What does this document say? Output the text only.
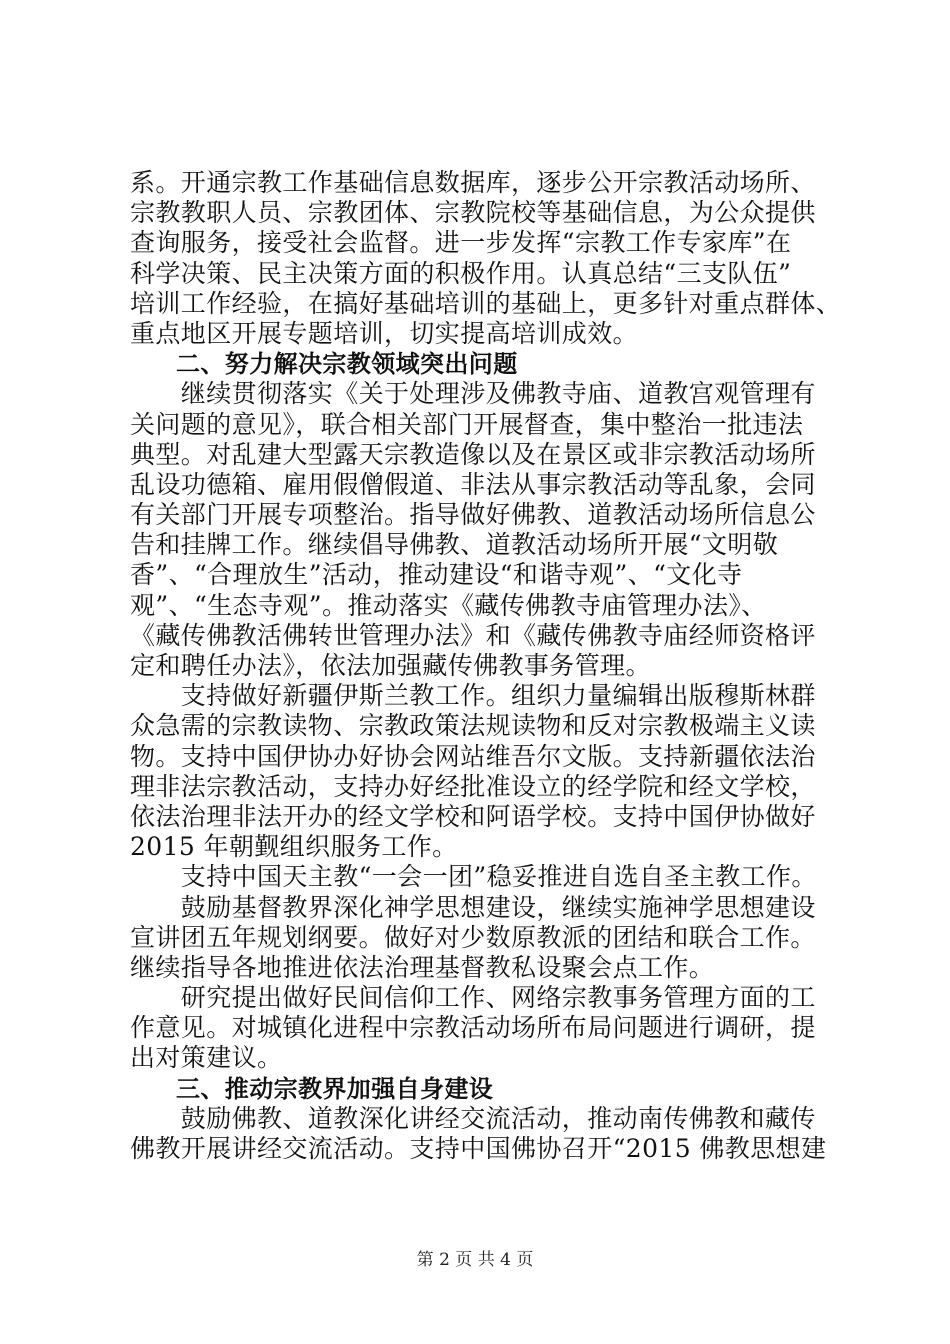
系。开通宗教工作基础信息数据库，逐步公开宗教活动场所、
宗教教职人员、宗教团体、宗教院校等基础信息，为公众提供
查询服务，接受社会监督。进一步发挥“宗教工作专家库”在
科学决策、民主决策方面的积极作用。认真总结“三支队伍”
培训工作经验，在搞好基础培训的基础上，更多针对重点群体、
重点地区开展专题培训，切实提高培训成效。
二、努力解决宗教领域突出问题
　　继续贯彻落实《关于处理涉及佛教寺庙、道教宫观管理有
关问题的意见》，联合相关部门开展督查，集中整治一批违法
典型。对乱建大型露天宗教造像以及在景区或非宗教活动场所
乱设功德箱、雇用假僧假道、非法从事宗教活动等乱象，会同
有关部门开展专项整治。指导做好佛教、道教活动场所信息公
告和挂牌工作。继续倡导佛教、道教活动场所开展“文明敬
香”、“合理放生”活动，推动建设“和谐寺观”、“文化寺
观”、“生态寺观”。推动落实《藏传佛教寺庙管理办法》、
《藏传佛教活佛转世管理办法》和《藏传佛教寺庙经师资格评
定和聘任办法》，依法加强藏传佛教事务管理。
　　支持做好新疆伊斯兰教工作。组织力量编辑出版穆斯林群
众急需的宗教读物、宗教政策法规读物和反对宗教极端主义读
物。支持中国伊协办好协会网站维吾尔文版。支持新疆依法治
理非法宗教活动，支持办好经批准设立的经学院和经文学校，
依法治理非法开办的经文学校和阿语学校。支持中国伊协做好
2015 年朝觐组织服务工作。
　　支持中国天主教“一会一团”稳妥推进自选自圣主教工作。
　　鼓励基督教界深化神学思想建设，继续实施神学思想建设
宣讲团五年规划纲要。做好对少数原教派的团结和联合工作。
继续指导各地推进依法治理基督教私设聚会点工作。
　　研究提出做好民间信仰工作、网络宗教事务管理方面的工
作意见。对城镇化进程中宗教活动场所布局问题进行调研，提
出对策建议。
三、推动宗教界加强自身建设
　　鼓励佛教、道教深化讲经交流活动，推动南传佛教和藏传
佛教开展讲经交流活动。支持中国佛协召开“2015 佛教思想建
第 2 页 共 4 页
